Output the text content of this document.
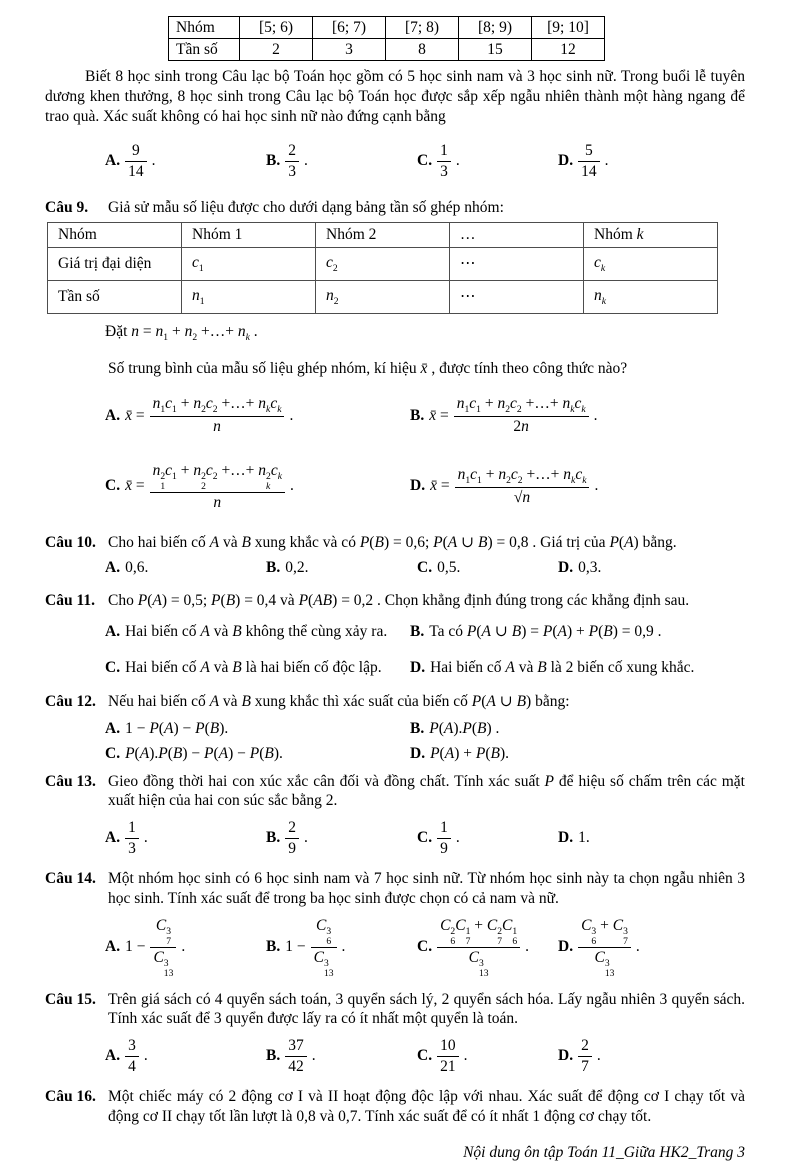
Nhóm	[5; 6)	[6; 7)	[7; 8)	[8; 9)	[9; 10]
Tần số	2	3	8	15	12

Biết 8 học sinh trong Câu lạc bộ Toán học gồm có 5 học sinh nam và 3 học sinh nữ. Trong buổi lễ tuyên dương khen thưởng, 8 học sinh trong Câu lạc bộ Toán học được sắp xếp ngẫu nhiên thành một hàng ngang để trao quà. Xác suất không có hai học sinh nữ nào đứng cạnh bằng

A. $\frac{9}{14}$ .	B. $\frac{2}{3}$ .	C. $\frac{1}{3}$ .	D. $\frac{5}{14}$ .
Câu 9. Giả sử mẫu số liệu được cho dưới dạng bảng tần số ghép nhóm:
Nhóm	Nhóm 1	Nhóm 2	…	Nhóm k
Giá trị đại diện	$c_1$	$c_2$	⋯	$c_k$
Tần số	$n_1$	$n_2$	⋯	$n_k$
Đặt $n = n_1 + n_2$ +…+ $n_k$ .
Số trung bình của mẫu số liệu ghép nhóm, kí hiệu x̄ , được tính theo công thức nào?
A. x̄ = $\frac{n_1c_1 + n_2c_2 +\dots+ n_kc_k}{n}$ .	B. x̄ = $\frac{n_1c_1 + n_2c_2 +\dots+ n_kc_k}{2n}$ .
C. x̄ = n 2
1
$c_1 + n$ 2
2
$c_2$ +…+ n 2
k
$c_k$
n .	D. x̄ = $\frac{n_1c_1 + n_2c_2 +\dots+ n_kc_k}{√n}$ .
Câu 10. Cho hai biến cố A và B xung khắc và có P(B) = 0,6; P(A ∪ B) = 0,8 . Giá trị của P(A) bằng.
A. 0,6.	B. 0,2.	C. 0,5.	D. 0,3.
Câu 11. Cho P(A) = 0,5; P(B) = 0,4 và P(AB) = 0,2 . Chọn khẳng định đúng trong các khẳng định sau.
A. Hai biến cố A và B không thể cùng xảy ra. B. Ta có P(A ∪ B) = P(A) + P(B) = 0,9 .
C. Hai biến cố A và B là hai biến cố độc lập. D. Hai biến cố A và B là 2 biến cố xung khắc.
Câu 12. Nếu hai biến cố A và B xung khắc thì xác suất của biến cố P(A ∪ B) bằng:
A. 1 − P(A) − P(B).	B. P(A).P(B) .
C. P(A).P(B) − P(A) − P(B).	D. P(A) + P(B).
Câu 13. Gieo đồng thời hai con xúc xắc cân đối và đồng chất. Tính xác suất P để hiệu số chấm trên các mặt xuất hiện của hai con súc sắc bằng 2.
A. $\frac{1}{3}$ .	B. $\frac{2}{9}$ .	C. $\frac{1}{9}$ .	D. 1.
Câu 14. Một nhóm học sinh có 6 học sinh nam và 7 học sinh nữ. Từ nhóm học sinh này ta chọn ngẫu nhiên 3 học sinh. Tính xác suất để trong ba học sinh được chọn có cả nam và nữ.
A. 1 − C 3
7
C 3
13 .	B. 1 − C 3
6
C 3
13 .	C. C 2
6
C 1
7
+ C 2
7
C 1
6
C 3
13 . D. C 3
6
+ C 3
7
C 3
13 .
Câu 15. Trên giá sách có 4 quyển sách toán, 3 quyển sách lý, 2 quyển sách hóa. Lấy ngẫu nhiên 3 quyển sách. Tính xác suất để 3 quyển được lấy ra có ít nhất một quyển là toán.
A. $\frac{3}{4}$ .	B. $\frac{37}{42}$ .	C. $\frac{10}{21}$ .	D. $\frac{2}{7}$ .
Câu 16. Một chiếc máy có 2 động cơ I và II hoạt động độc lập với nhau. Xác suất để động cơ I chạy tốt và động cơ II chạy tốt lần lượt là 0,8 và 0,7. Tính xác suất để có ít nhất 1 động cơ chạy tốt.
Nội dung ôn tập Toán 11_Giữa HK2_Trang 3
